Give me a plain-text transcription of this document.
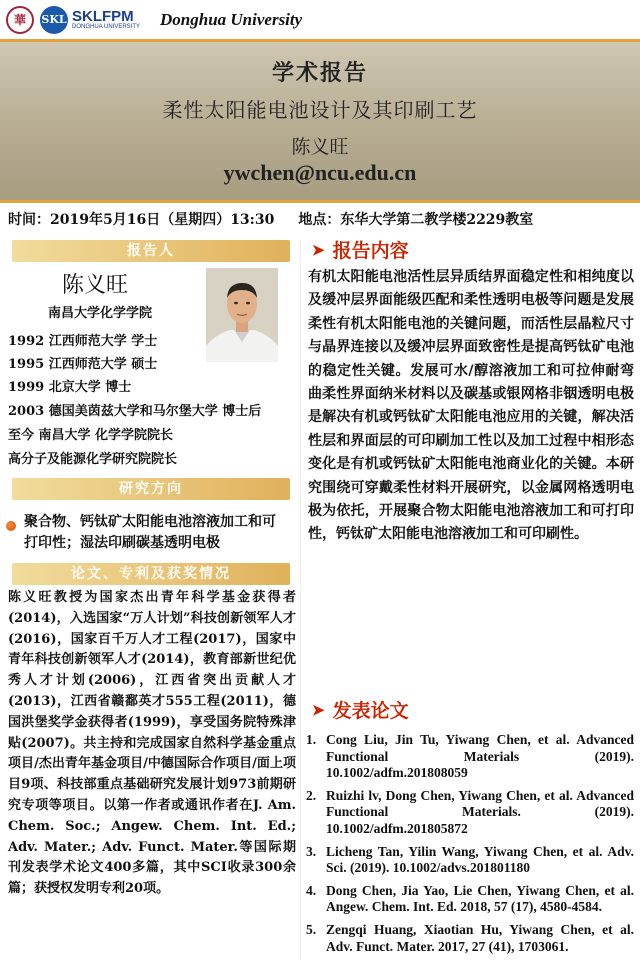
華	SKL SKLFPM
DONGHUA UNIVERSITY Donghua University
学术报告
柔性太阳能电池设计及其印刷工艺
陈义旺
ywchen@ncu.edu.cn
时间：2019年5月16日（星期四）13:30 地点：东华大学第二教学楼2229教室
报告人
陈义旺
南昌大学化学学院
1992 江西师范大学 学士
1995 江西师范大学 硕士
1999 北京大学 博士
2003 德国美茵兹大学和马尔堡大学 博士后
至今 南昌大学 化学学院院长
高分子及能源化学研究院院长
研究方向
聚合物、钙钛矿太阳能电池溶液加工和可打印性；湿法印刷碳基透明电极
论文、专利及获奖情况
陈义旺教授为国家杰出青年科学基金获得者(2014)，入选国家“万人计划”科技创新领军人才(2016)，国家百千万人才工程(2017)，国家中青年科技创新领军人才(2014)，教育部新世纪优秀人才计划(2006)，江西省突出贡献人才(2013)，江西省赣鄱英才555工程(2011)，德国洪堡奖学金获得者(1999)，享受国务院特殊津贴(2007)。共主持和完成国家自然科学基金重点项目/杰出青年基金项目/中德国际合作项目/面上项目9项、科技部重点基础研究发展计划973前期研究专项等项目。以第一作者或通讯作者在J. Am. Chem. Soc.; Angew. Chem. Int. Ed.; Adv. Mater.; Adv. Funct. Mater.等国际期刊发表学术论文400多篇，其中SCI收录300余篇；获授权发明专利20项。
➤ 报告内容
有机太阳能电池活性层异质结界面稳定性和相纯度以及缓冲层界面能级匹配和柔性透明电极等问题是发展柔性有机太阳能电池的关键问题，而活性层晶粒尺寸与晶界连接以及缓冲层界面致密性是提高钙钛矿电池的稳定性关键。发展可水/醇溶液加工和可拉伸耐弯曲柔性界面纳米材料以及碳基或银网格非铟透明电极是解决有机或钙钛矿太阳能电池应用的关键，解决活性层和界面层的可印刷加工性以及加工过程中相形态变化是有机或钙钛矿太阳能电池商业化的关键。本研究围绕可穿戴柔性材料开展研究，以金属网格透明电极为依托，开展聚合物太阳能电池溶液加工和可打印性，钙钛矿太阳能电池溶液加工和可印刷性。
➤ 发表论文
1. Cong Liu, Jin Tu, Yiwang Chen, et al. Advanced Functional Materials (2019). 10.1002/adfm.201808059
2. Ruizhi lv, Dong Chen, Yiwang Chen, et al. Advanced Functional Materials. (2019). 10.1002/adfm.201805872
3. Licheng Tan, Yilin Wang, Yiwang Chen, et al. Adv. Sci. (2019). 10.1002/advs.201801180
4. Dong Chen, Jia Yao, Lie Chen, Yiwang Chen, et al. Angew. Chem. Int. Ed. 2018, 57 (17), 4580-4584.
5. Zengqi Huang, Xiaotian Hu, Yiwang Chen, et al. Adv. Funct. Mater. 2017, 27 (41), 1703061.
